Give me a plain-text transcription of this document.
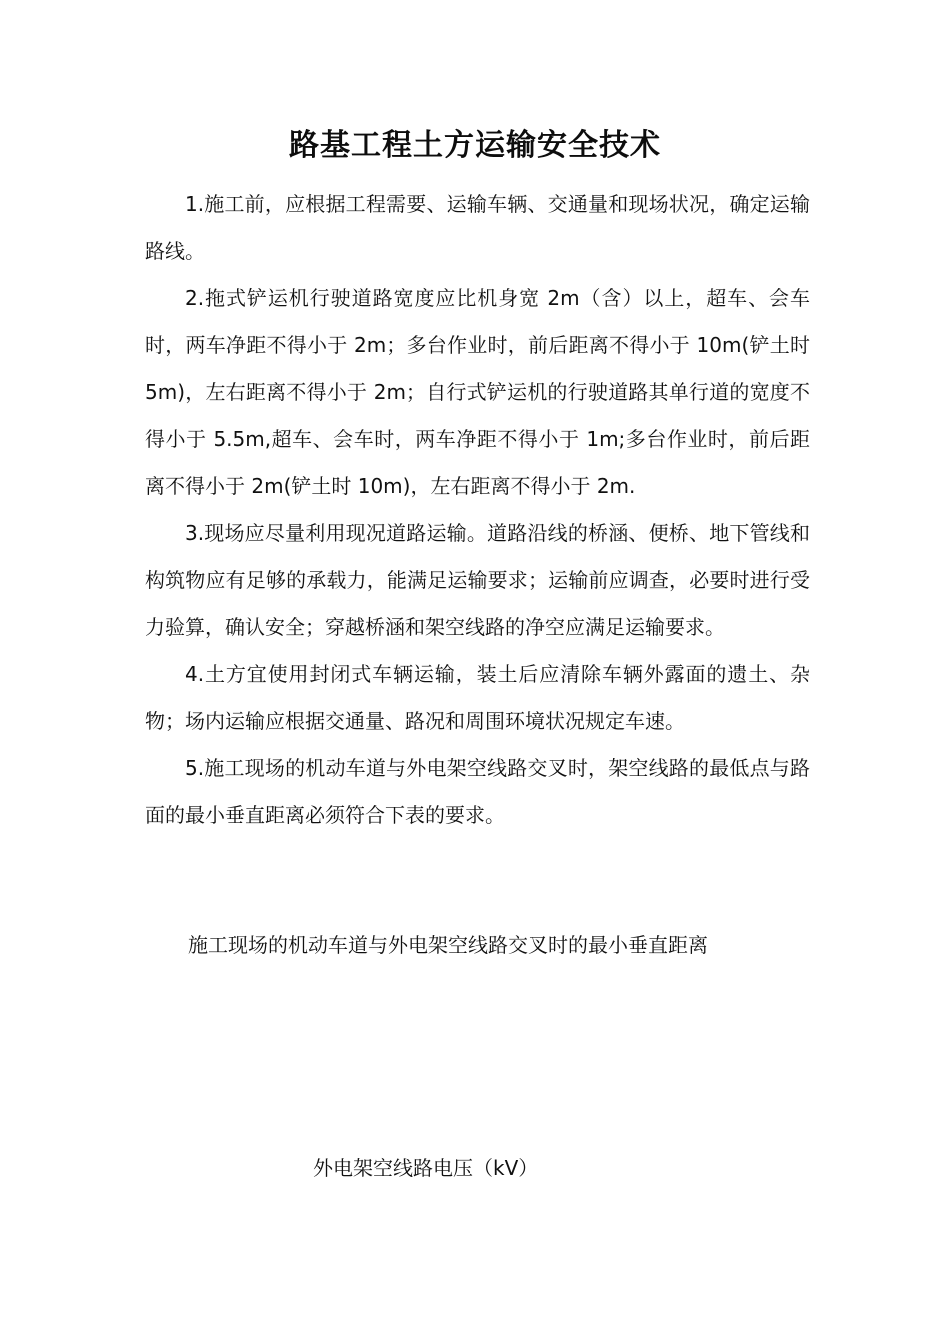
路基工程土方运输安全技术

1.施工前，应根据工程需要、运输车辆、交通量和现场状况，确定运输路线。

2.拖式铲运机行驶道路宽度应比机身宽 2m（含）以上，超车、会车时，两车净距不得小于 2m；多台作业时，前后距离不得小于 10m(铲土时 5m)，左右距离不得小于 2m；自行式铲运机的行驶道路其单行道的宽度不得小于 5.5m,超车、会车时，两车净距不得小于 1m;多台作业时，前后距离不得小于 2m(铲土时 10m)，左右距离不得小于 2m.

3.现场应尽量利用现况道路运输。道路沿线的桥涵、便桥、地下管线和构筑物应有足够的承载力，能满足运输要求；运输前应调查，必要时进行受力验算，确认安全；穿越桥涵和架空线路的净空应满足运输要求。

4.土方宜使用封闭式车辆运输，装土后应清除车辆外露面的遗土、杂物；场内运输应根据交通量、路况和周围环境状况规定车速。

5.施工现场的机动车道与外电架空线路交叉时，架空线路的最低点与路面的最小垂直距离必须符合下表的要求。

施工现场的机动车道与外电架空线路交叉时的最小垂直距离
外电架空线路电压（kV）
